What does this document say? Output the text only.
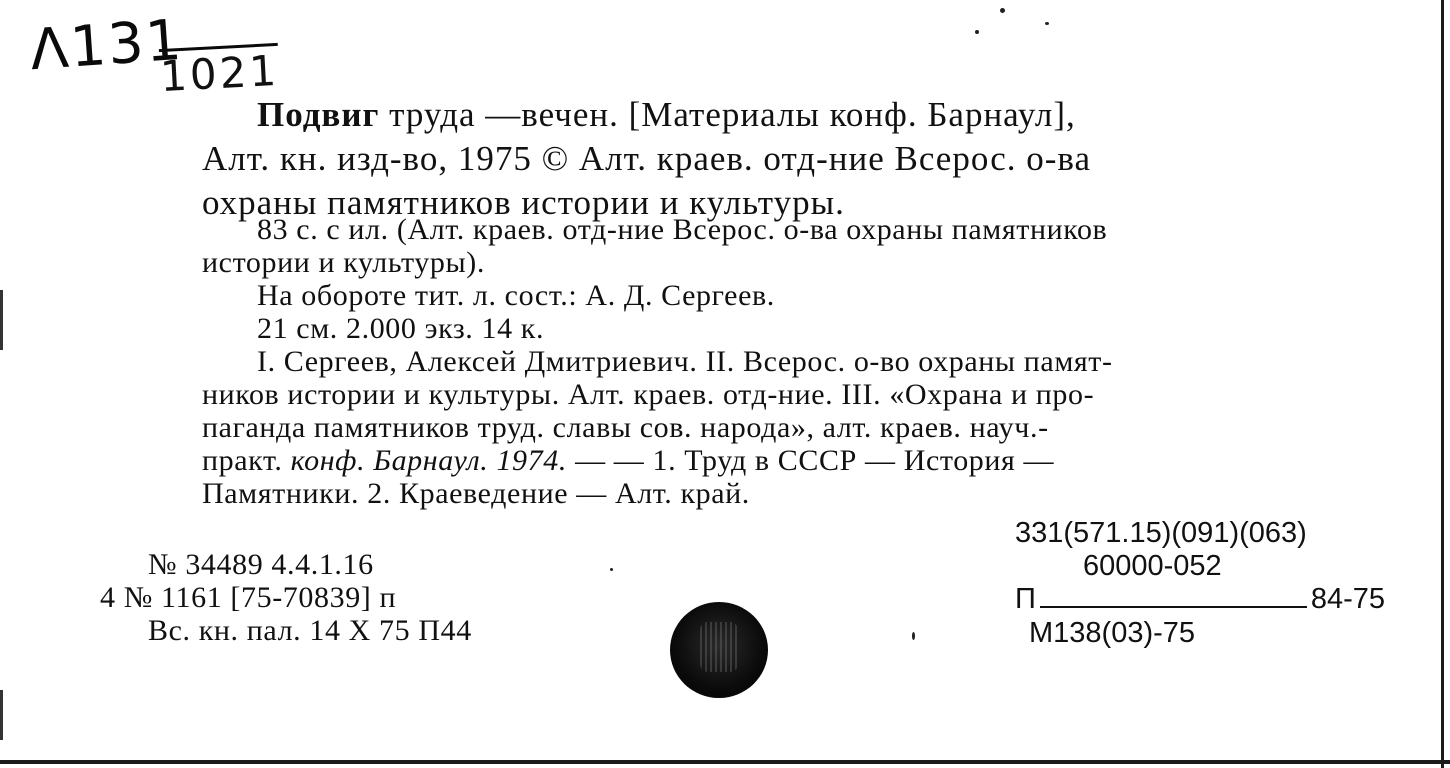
Λ131
1021
Подвиг труда —вечен. [Материалы конф. Барнаул],
Алт. кн. изд-во, 1975 © Алт. краев. отд-ние Всерос. о-ва
охраны памятников истории и культуры.
83 с. с ил. (Алт. краев. отд-ние Всерос. о-ва охраны памятников
истории и культуры).
На обороте тит. л. сост.: А. Д. Сергеев.
21 см. 2.000 экз. 14 к.
I. Сергеев, Алексей Дмитриевич. II. Всерос. о-во охраны памят-
ников истории и культуры. Алт. краев. отд-ние. III. «Охрана и про-
паганда памятников труд. славы сов. народа», алт. краев. науч.-
практ. конф. Барнаул. 1974. — — 1. Труд в СССР — История —
Памятники. 2. Краеведение — Алт. край.
№ 34489 4.4.1.16
4 № 1161 [75-70839] п
Вс. кн. пал. 14 X 75 П44
331(571.15)(091)(063)
60000-052
П	84-75
М138(03)-75
